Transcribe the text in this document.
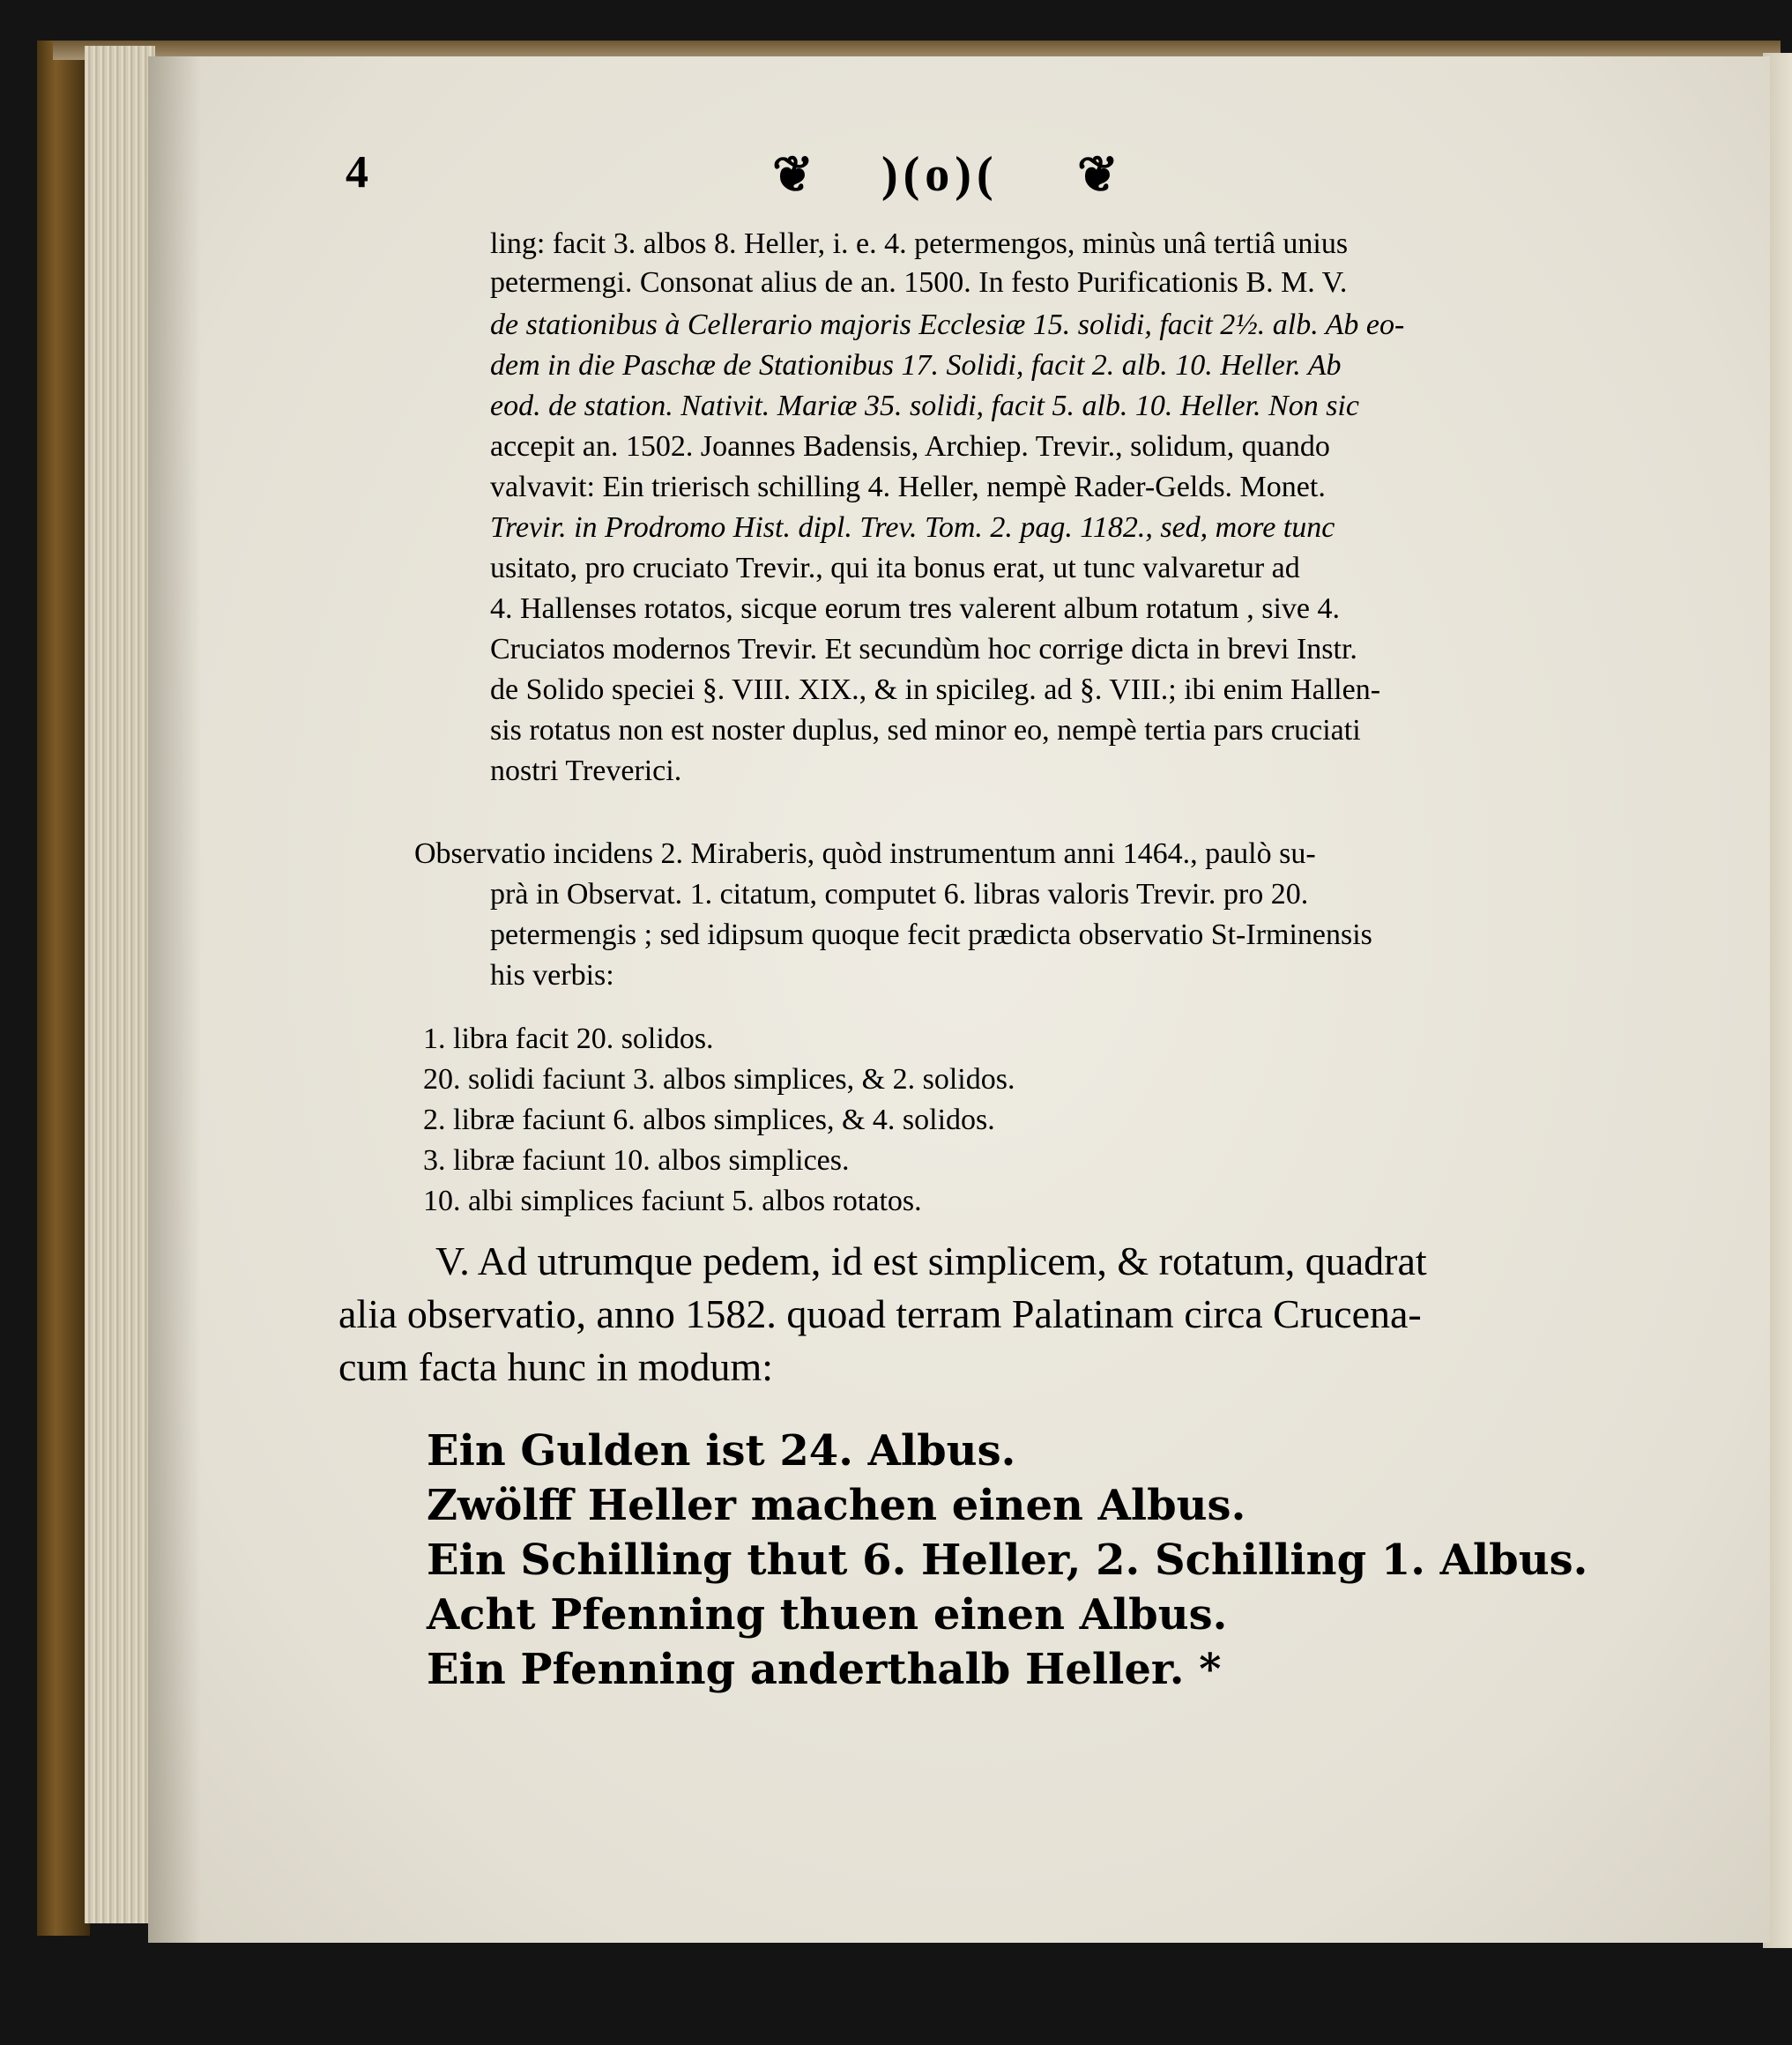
4	❦ )(o)( ❦
ling: facit 3. albos 8. Heller, i. e. 4. petermengos, minùs unâ tertiâ unius
petermengi. Consonat alius de an. 1500. In festo Purificationis B. M. V.
de stationibus à Cellerario majoris Ecclesiæ 15. solidi, facit 2½. alb. Ab eo-
dem in die Paschæ de Stationibus 17. Solidi, facit 2. alb. 10. Heller. Ab
eod. de station. Nativit. Mariæ 35. solidi, facit 5. alb. 10. Heller. Non sic
accepit an. 1502. Joannes Badensis, Archiep. Trevir., solidum, quando
valvavit: Ein trierisch schilling 4. Heller, nempè Rader-Gelds. Monet.
Trevir. in Prodromo Hist. dipl. Trev. Tom. 2. pag. 1182., sed, more tunc
usitato, pro cruciato Trevir., qui ita bonus erat, ut tunc valvaretur ad
4. Hallenses rotatos, sicque eorum tres valerent album rotatum , sive 4.
Cruciatos modernos Trevir. Et secundùm hoc corrige dicta in brevi Instr.
de Solido speciei §. VIII. XIX., & in spicileg. ad §. VIII.; ibi enim Hallen-
sis rotatus non est noster duplus, sed minor eo, nempè tertia pars cruciati
nostri Treverici.
Observatio incidens 2. Miraberis, quòd instrumentum anni 1464., paulò su-
prà in Observat. 1. citatum, computet 6. libras valoris Trevir. pro 20.
petermengis ; sed idipsum quoque fecit prædicta observatio St-Irminensis
his verbis:
1. libra facit 20. solidos.
20. solidi faciunt 3. albos simplices, & 2. solidos.
2. libræ faciunt 6. albos simplices, & 4. solidos.
3. libræ faciunt 10. albos simplices.
10. albi simplices faciunt 5. albos rotatos.
V. Ad utrumque pedem, id est simplicem, & rotatum, quadrat
alia observatio, anno 1582. quoad terram Palatinam circa Crucena-
cum facta hunc in modum:
Ein Gulden ist 24. Albus.
Zwölff Heller machen einen Albus.
Ein Schilling thut 6. Heller, 2. Schilling 1. Albus.
Acht Pfenning thuen einen Albus.
Ein Pfenning anderthalb Heller. *
